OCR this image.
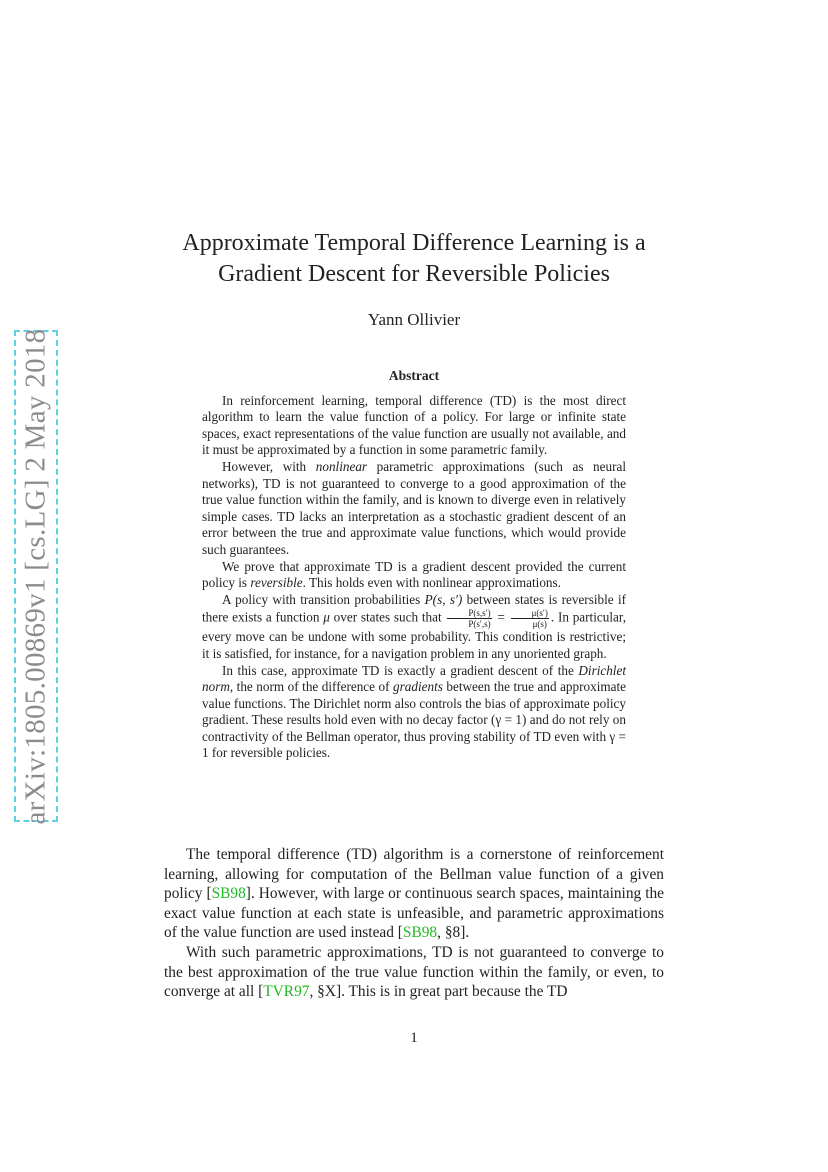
arXiv:1805.00869v1 [cs.LG] 2 May 2018
Approximate Temporal Difference Learning is a
Gradient Descent for Reversible Policies
Yann Ollivier
Abstract

In reinforcement learning, temporal difference (TD) is the most direct algorithm to learn the value function of a policy. For large or infinite state spaces, exact representations of the value function are usually not available, and it must be approximated by a function in some parametric family.

However, with nonlinear parametric approximations (such as neural networks), TD is not guaranteed to converge to a good approximation of the true value function within the family, and is known to diverge even in relatively simple cases. TD lacks an interpretation as a stochastic gradient descent of an error between the true and approximate value functions, which would provide such guarantees.

We prove that approximate TD is a gradient descent provided the current policy is reversible. This holds even with nonlinear approximations.

A policy with transition probabilities P(s, s′) between states is reversible if there exists a function μ over states such that $\frac{P(s,s')}{P(s',s)} = \frac{\mu(s')}{\mu(s)}$ . In particular, every move can be undone with some probability. This condition is restrictive; it is satisfied, for instance, for a navigation problem in any unoriented graph.

In this case, approximate TD is exactly a gradient descent of the Dirichlet norm, the norm of the difference of gradients between the true and approximate value functions. The Dirichlet norm also controls the bias of approximate policy gradient. These results hold even with no decay factor (γ = 1) and do not rely on contractivity of the Bellman operator, thus proving stability of TD even with γ = 1 for reversible policies.

The temporal difference (TD) algorithm is a cornerstone of reinforcement learning, allowing for computation of the Bellman value function of a given policy [SB98]. However, with large or continuous search spaces, maintaining the exact value function at each state is unfeasible, and parametric approximations of the value function are used instead [SB98, §8].

With such parametric approximations, TD is not guaranteed to converge to the best approximation of the true value function within the family, or even, to converge at all [TVR97, §X]. This is in great part because the TD

1
